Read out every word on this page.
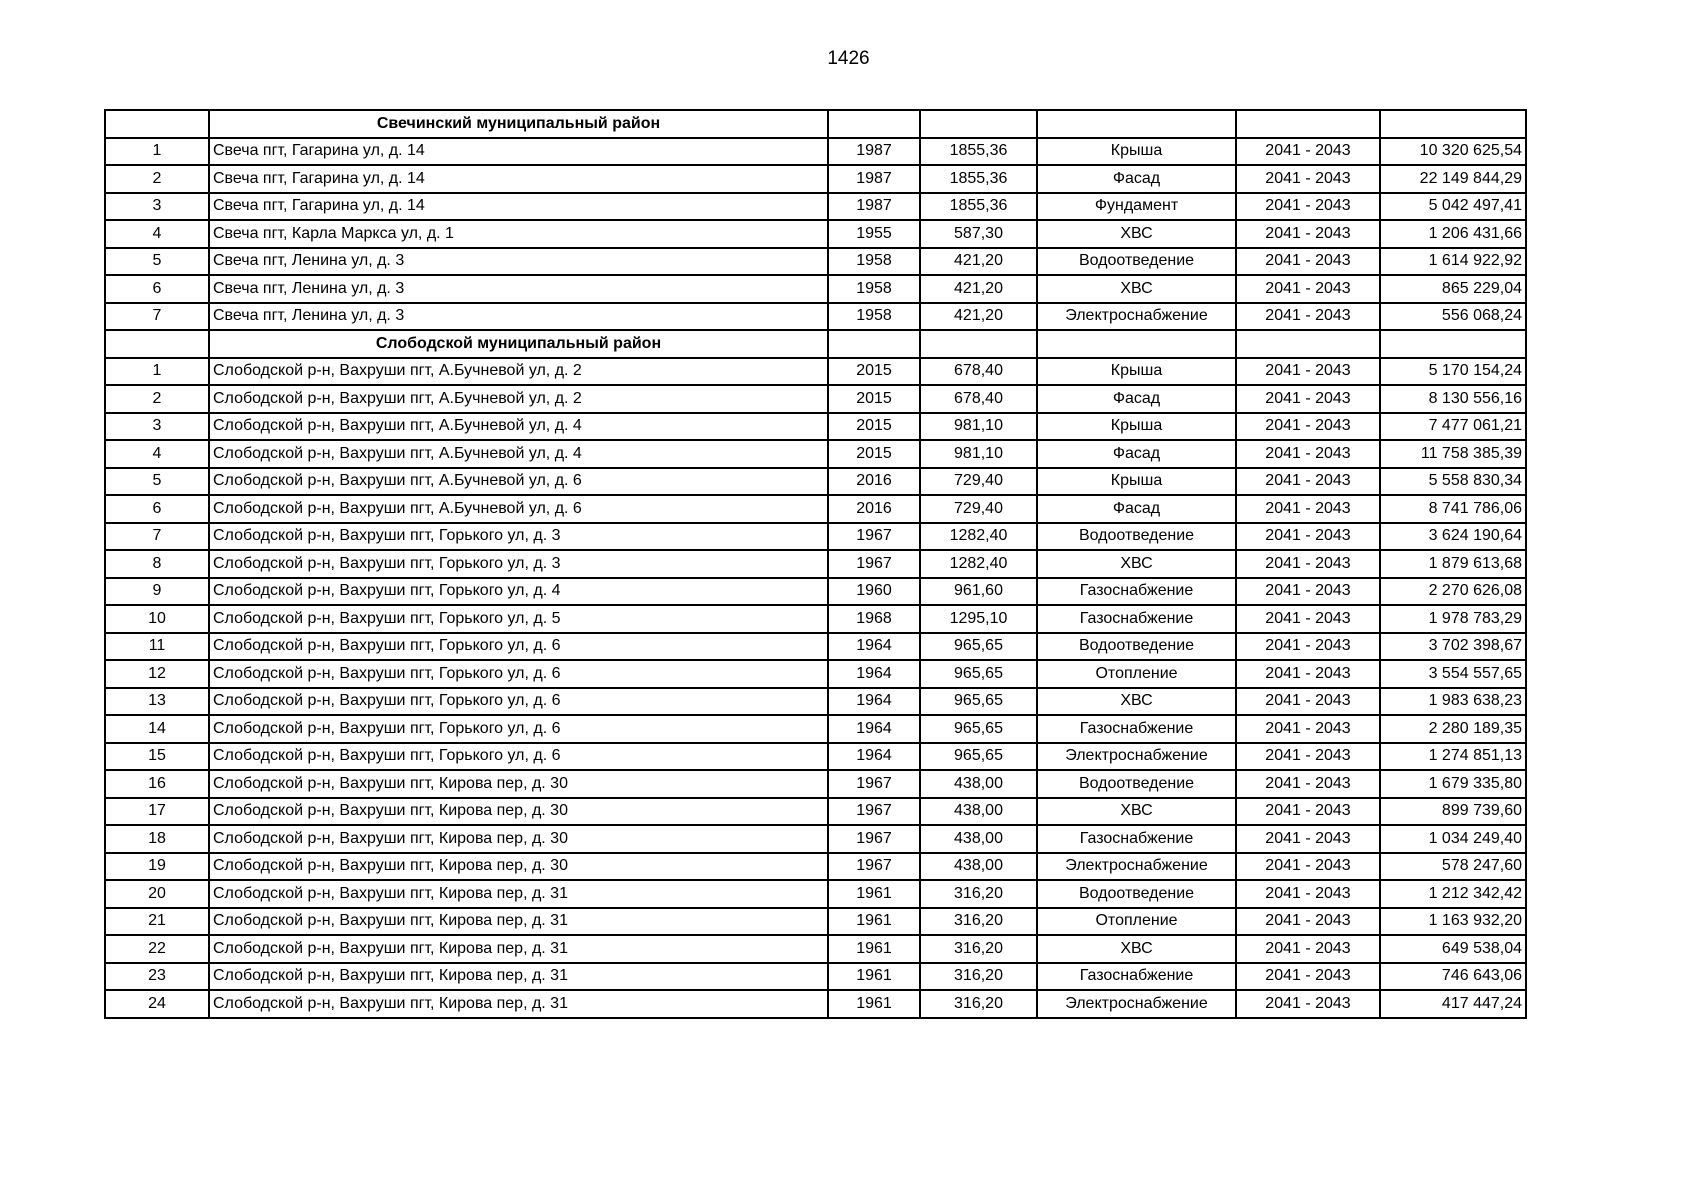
1426
	Свечинский муниципальный район					
1	Свеча пгт, Гагарина ул, д. 14	1987	1855,36	Крыша	2041 - 2043	10 320 625,54
2	Свеча пгт, Гагарина ул, д. 14	1987	1855,36	Фасад	2041 - 2043	22 149 844,29
3	Свеча пгт, Гагарина ул, д. 14	1987	1855,36	Фундамент	2041 - 2043	5 042 497,41
4	Свеча пгт, Карла Маркса ул, д. 1	1955	587,30	ХВС	2041 - 2043	1 206 431,66
5	Свеча пгт, Ленина ул, д. 3	1958	421,20	Водоотведение	2041 - 2043	1 614 922,92
6	Свеча пгт, Ленина ул, д. 3	1958	421,20	ХВС	2041 - 2043	865 229,04
7	Свеча пгт, Ленина ул, д. 3	1958	421,20	Электроснабжение	2041 - 2043	556 068,24
	Слободской муниципальный район					
1	Слободской р-н, Вахруши пгт, А.Бучневой ул, д. 2	2015	678,40	Крыша	2041 - 2043	5 170 154,24
2	Слободской р-н, Вахруши пгт, А.Бучневой ул, д. 2	2015	678,40	Фасад	2041 - 2043	8 130 556,16
3	Слободской р-н, Вахруши пгт, А.Бучневой ул, д. 4	2015	981,10	Крыша	2041 - 2043	7 477 061,21
4	Слободской р-н, Вахруши пгт, А.Бучневой ул, д. 4	2015	981,10	Фасад	2041 - 2043	11 758 385,39
5	Слободской р-н, Вахруши пгт, А.Бучневой ул, д. 6	2016	729,40	Крыша	2041 - 2043	5 558 830,34
6	Слободской р-н, Вахруши пгт, А.Бучневой ул, д. 6	2016	729,40	Фасад	2041 - 2043	8 741 786,06
7	Слободской р-н, Вахруши пгт, Горького ул, д. 3	1967	1282,40	Водоотведение	2041 - 2043	3 624 190,64
8	Слободской р-н, Вахруши пгт, Горького ул, д. 3	1967	1282,40	ХВС	2041 - 2043	1 879 613,68
9	Слободской р-н, Вахруши пгт, Горького ул, д. 4	1960	961,60	Газоснабжение	2041 - 2043	2 270 626,08
10	Слободской р-н, Вахруши пгт, Горького ул, д. 5	1968	1295,10	Газоснабжение	2041 - 2043	1 978 783,29
11	Слободской р-н, Вахруши пгт, Горького ул, д. 6	1964	965,65	Водоотведение	2041 - 2043	3 702 398,67
12	Слободской р-н, Вахруши пгт, Горького ул, д. 6	1964	965,65	Отопление	2041 - 2043	3 554 557,65
13	Слободской р-н, Вахруши пгт, Горького ул, д. 6	1964	965,65	ХВС	2041 - 2043	1 983 638,23
14	Слободской р-н, Вахруши пгт, Горького ул, д. 6	1964	965,65	Газоснабжение	2041 - 2043	2 280 189,35
15	Слободской р-н, Вахруши пгт, Горького ул, д. 6	1964	965,65	Электроснабжение	2041 - 2043	1 274 851,13
16	Слободской р-н, Вахруши пгт, Кирова пер, д. 30	1967	438,00	Водоотведение	2041 - 2043	1 679 335,80
17	Слободской р-н, Вахруши пгт, Кирова пер, д. 30	1967	438,00	ХВС	2041 - 2043	899 739,60
18	Слободской р-н, Вахруши пгт, Кирова пер, д. 30	1967	438,00	Газоснабжение	2041 - 2043	1 034 249,40
19	Слободской р-н, Вахруши пгт, Кирова пер, д. 30	1967	438,00	Электроснабжение	2041 - 2043	578 247,60
20	Слободской р-н, Вахруши пгт, Кирова пер, д. 31	1961	316,20	Водоотведение	2041 - 2043	1 212 342,42
21	Слободской р-н, Вахруши пгт, Кирова пер, д. 31	1961	316,20	Отопление	2041 - 2043	1 163 932,20
22	Слободской р-н, Вахруши пгт, Кирова пер, д. 31	1961	316,20	ХВС	2041 - 2043	649 538,04
23	Слободской р-н, Вахруши пгт, Кирова пер, д. 31	1961	316,20	Газоснабжение	2041 - 2043	746 643,06
24	Слободской р-н, Вахруши пгт, Кирова пер, д. 31	1961	316,20	Электроснабжение	2041 - 2043	417 447,24
